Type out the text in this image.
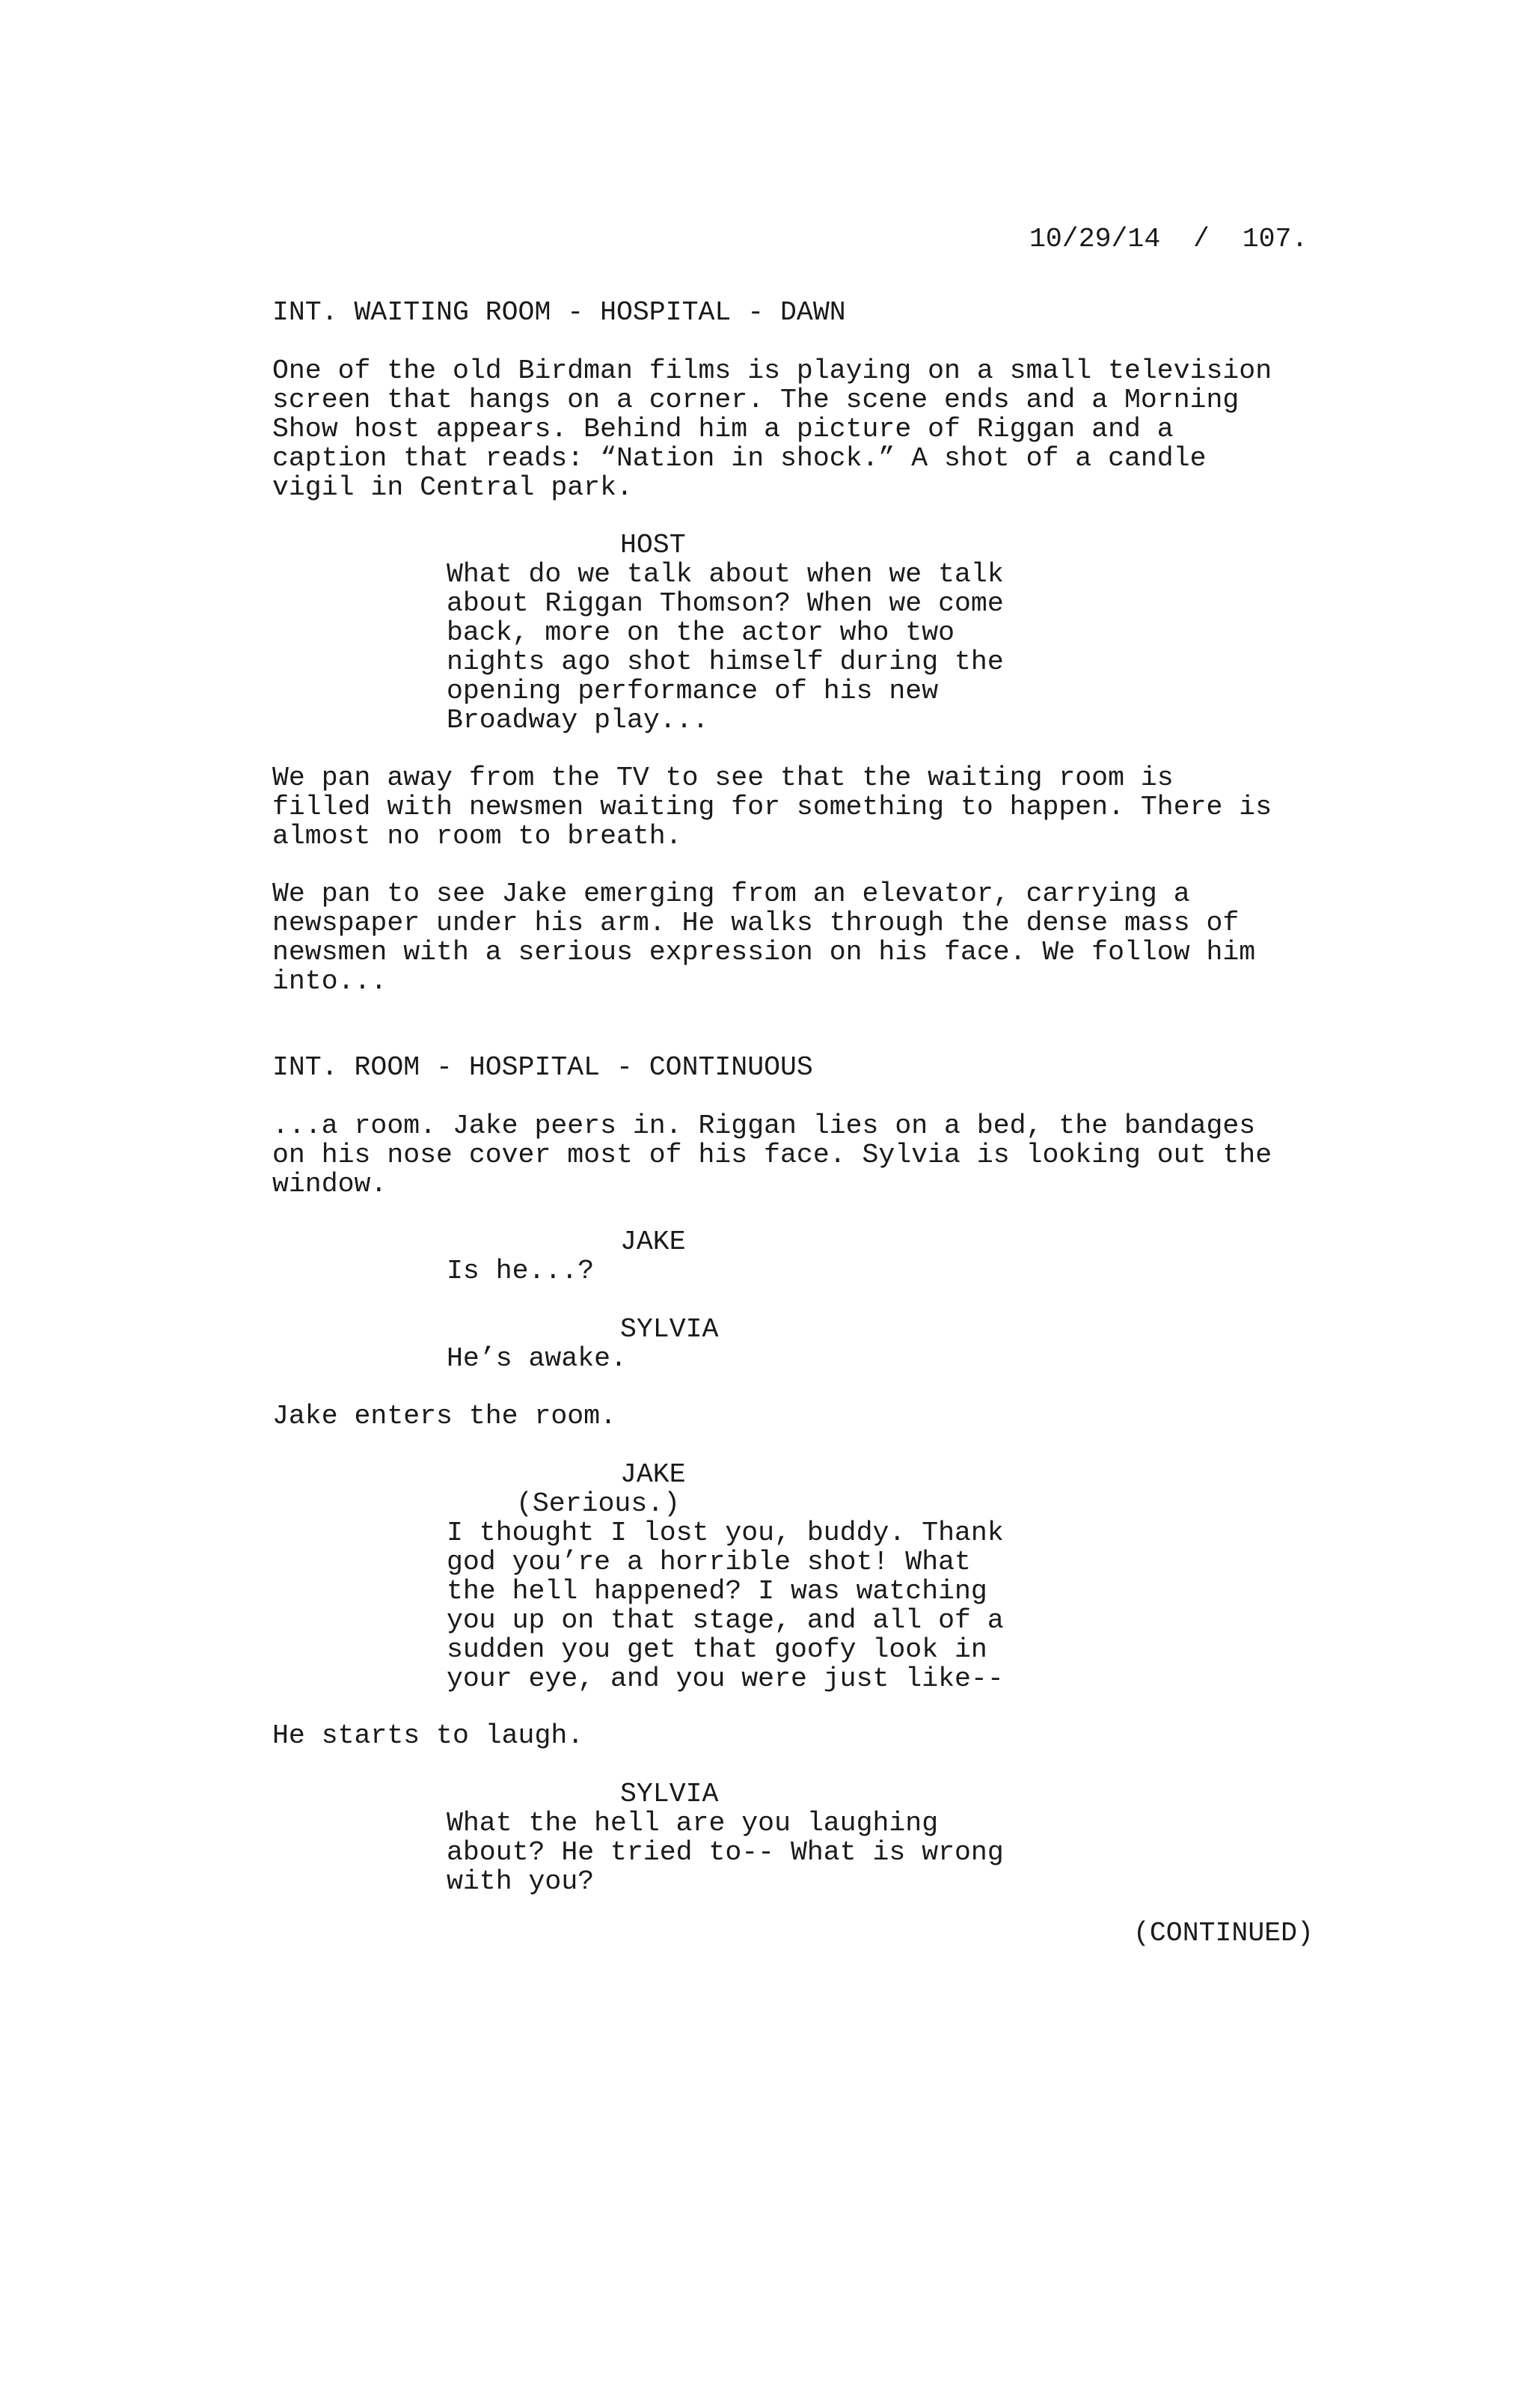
10/29/14  /  107.
INT. WAITING ROOM - HOSPITAL - DAWN
One of the old Birdman films is playing on a small television
screen that hangs on a corner. The scene ends and a Morning
Show host appears. Behind him a picture of Riggan and a
caption that reads: “Nation in shock.” A shot of a candle
vigil in Central park.
HOST
What do we talk about when we talk
about Riggan Thomson? When we come
back, more on the actor who two
nights ago shot himself during the
opening performance of his new
Broadway play...
We pan away from the TV to see that the waiting room is
filled with newsmen waiting for something to happen. There is
almost no room to breath.
We pan to see Jake emerging from an elevator, carrying a
newspaper under his arm. He walks through the dense mass of
newsmen with a serious expression on his face. We follow him
into...
INT. ROOM - HOSPITAL - CONTINUOUS
...a room. Jake peers in. Riggan lies on a bed, the bandages
on his nose cover most of his face. Sylvia is looking out the
window.
JAKE
Is he...?
SYLVIA
He’s awake.
Jake enters the room.
JAKE
(Serious.)
I thought I lost you, buddy. Thank
god you’re a horrible shot! What
the hell happened? I was watching
you up on that stage, and all of a
sudden you get that goofy look in
your eye, and you were just like--
He starts to laugh.
SYLVIA
What the hell are you laughing
about? He tried to-- What is wrong
with you?
(CONTINUED)
